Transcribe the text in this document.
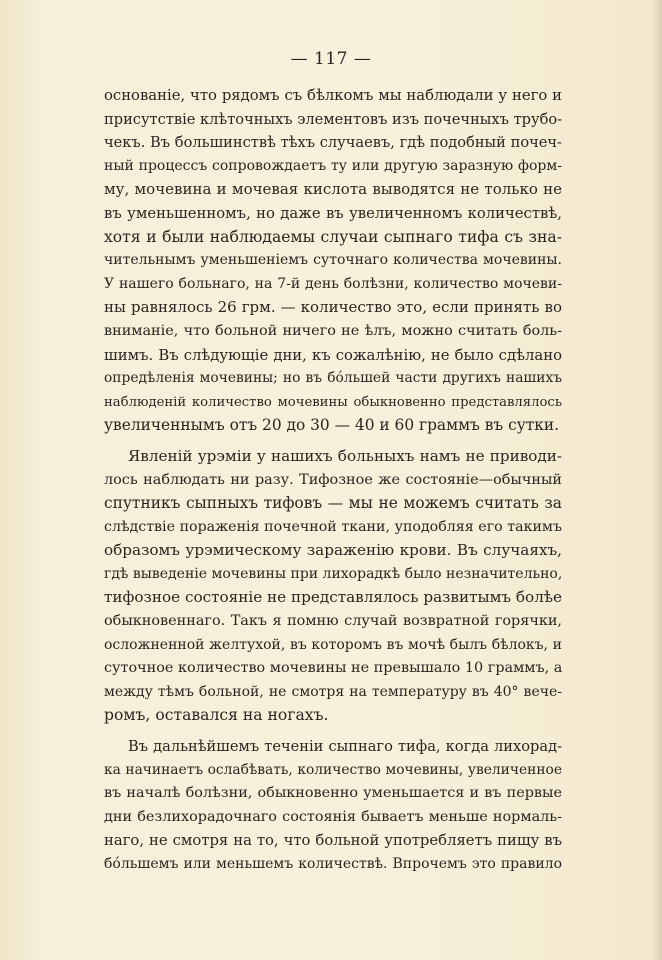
— 117 —
основанiе, что рядомъ съ бѣлкомъ мы наблюдали у него и
присутствiе клѣточныхъ элементовъ изъ почечныхъ трубо-
чекъ. Въ большинствѣ тѣхъ случаевъ, гдѣ подобный почеч-
ный процессъ сопровождаетъ ту или другую заразную форм-
му, мочевина и мочевая кислота выводятся не только не
въ уменьшенномъ, но даже въ увеличенномъ количествѣ,
хотя и были наблюдаемы случаи сыпнаго тифа съ зна-
чительнымъ уменьшенiемъ суточнаго количества мочевины.
У нашего больнаго, на 7-й день болѣзни, количество мочеви-
ны равнялось 26 грм. — количество это, если принять во
вниманiе, что больной ничего не ѣлъ, можно считать боль-
шимъ. Въ слѣдующiе дни, къ сожалѣнiю, не было сдѣлано
опредѣленiя мочевины; но въ бóльшей части другихъ нашихъ
наблюденiй количество мочевины обыкновенно представлялось
увеличеннымъ отъ 20 до 30 — 40 и 60 граммъ въ сутки.
Явленiй урэмiи у нашихъ больныхъ намъ не приводи-
лось наблюдать ни разу. Тифозное же состоянiе—обычный
спутникъ сыпныхъ тифовъ — мы не можемъ считать за
слѣдствiе пораженiя почечной ткани, уподобляя его такимъ
образомъ урэмическому зараженiю крови. Въ случаяхъ,
гдѣ выведенiе мочевины при лихорадкѣ было незначительно,
тифозное состоянiе не представлялось развитымъ болѣе
обыкновеннаго. Такъ я помню случай возвратной горячки,
осложненной желтухой, въ которомъ въ мочѣ былъ бѣлокъ, и
суточное количество мочевины не превышало 10 граммъ, а
между тѣмъ больной, не смотря на температуру въ 40° вече-
ромъ, оставался на ногахъ.
Въ дальнѣйшемъ теченiи сыпнаго тифа, когда лихорад-
ка начинаетъ ослабѣвать, количество мочевины, увеличенное
въ началѣ болѣзни, обыкновенно уменьшается и въ первые
дни безлихорадочнаго состоянiя бываетъ меньше нормаль-
наго, не смотря на то, что больной употребляетъ пищу въ
бóльшемъ или меньшемъ количествѣ. Впрочемъ это правило
